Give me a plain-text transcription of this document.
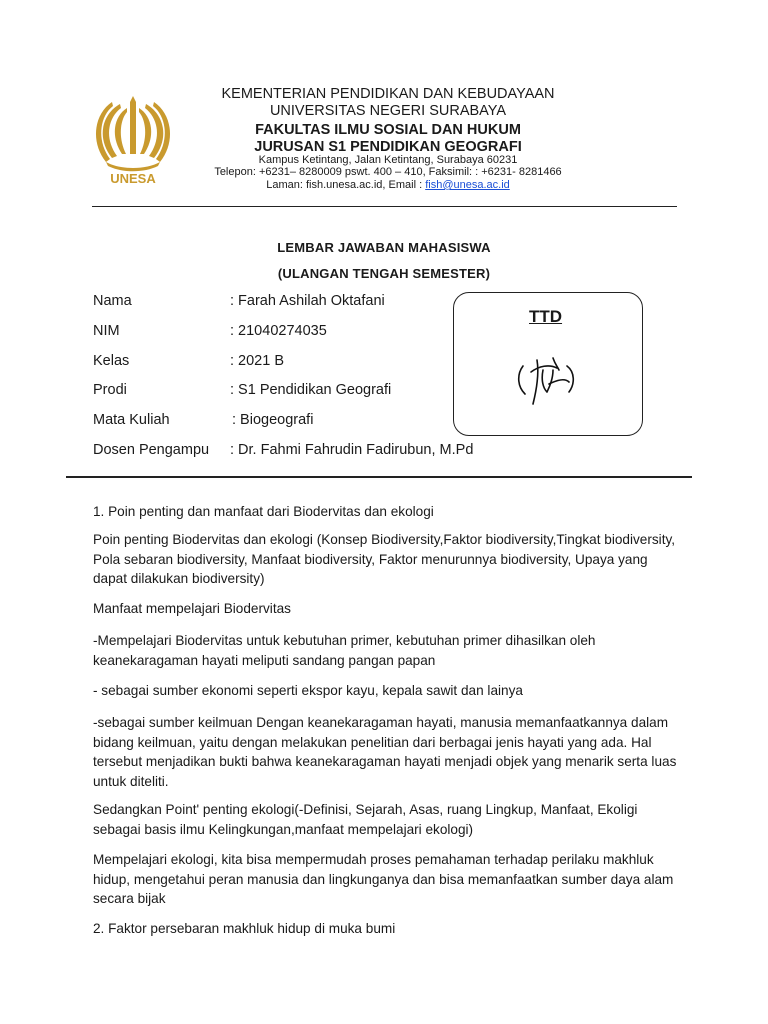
UNESA
KEMENTERIAN PENDIDIKAN DAN KEBUDAYAAN
UNIVERSITAS NEGERI SURABAYA
FAKULTAS ILMU SOSIAL DAN HUKUM
JURUSAN S1 PENDIDIKAN GEOGRAFI
Kampus Ketintang, Jalan Ketintang, Surabaya 60231
Telepon: +6231– 8280009 pswt. 400 – 410, Faksimil: : +6231- 8281466
Laman: fish.unesa.ac.id, Email : fish@unesa.ac.id
LEMBAR JAWABAN MAHASISWA
(ULANGAN TENGAH SEMESTER)
Nama	: Farah Ashilah Oktafani
NIM	: 21040274035
Kelas	: 2021 B
Prodi	: S1 Pendidikan Geografi
Mata Kuliah	: Biogeografi
Dosen Pengampu : Dr. Fahmi Fahrudin Fadirubun, M.Pd
TTD
1. Poin penting dan manfaat dari Biodervitas dan ekologi
Poin penting Biodervitas dan ekologi (Konsep Biodiversity,Faktor biodiversity,Tingkat biodiversity, Pola sebaran biodiversity, Manfaat biodiversity, Faktor menurunnya biodiversity, Upaya yang dapat dilakukan biodiversity)
Manfaat mempelajari Biodervitas
-Mempelajari Biodervitas untuk kebutuhan primer, kebutuhan primer dihasilkan oleh keanekaragaman hayati meliputi sandang pangan papan
- sebagai sumber ekonomi seperti ekspor kayu, kepala sawit dan lainya
-sebagai sumber keilmuan Dengan keanekaragaman hayati, manusia memanfaatkannya dalam bidang keilmuan, yaitu dengan melakukan penelitian dari berbagai jenis hayati yang ada. Hal tersebut menjadikan bukti bahwa keanekaragaman hayati menjadi objek yang menarik serta luas untuk diteliti.
Sedangkan Point' penting ekologi(-Definisi, Sejarah, Asas, ruang Lingkup, Manfaat, Ekoligi sebagai basis ilmu Kelingkungan,manfaat mempelajari ekologi)
Mempelajari ekologi, kita bisa mempermudah proses pemahaman terhadap perilaku makhluk hidup, mengetahui peran manusia dan lingkunganya dan bisa memanfaatkan sumber daya alam secara bijak
2. Faktor persebaran makhluk hidup di muka bumi
